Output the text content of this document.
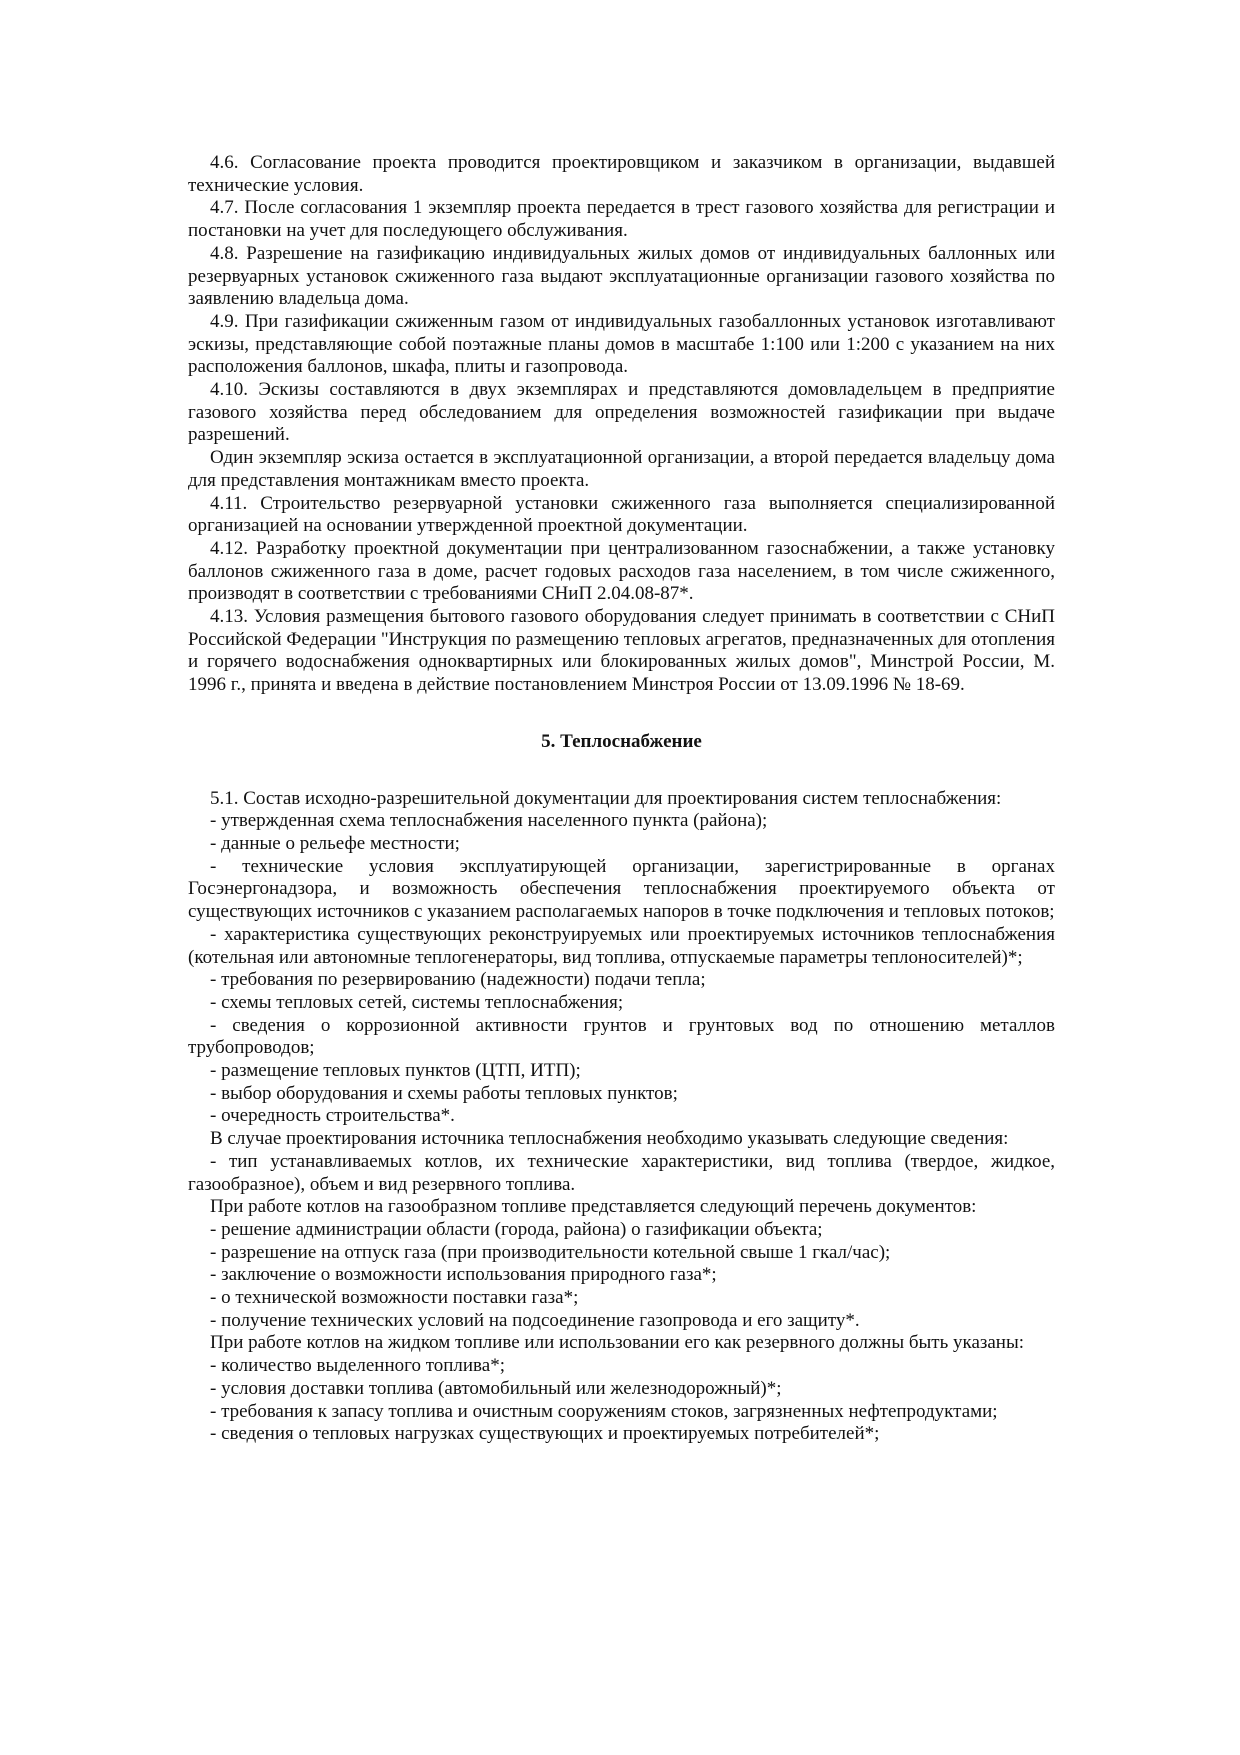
4.6. Согласование проекта проводится проектировщиком и заказчиком в организации, выдавшей технические условия.

4.7. После согласования 1 экземпляр проекта передается в трест газового хозяйства для регистрации и постановки на учет для последующего обслуживания.

4.8. Разрешение на газификацию индивидуальных жилых домов от индивидуальных баллонных или резервуарных установок сжиженного газа выдают эксплуатационные организации газового хозяйства по заявлению владельца дома.

4.9. При газификации сжиженным газом от индивидуальных газобаллонных установок изготавливают эскизы, представляющие собой поэтажные планы домов в масштабе 1:100 или 1:200 с указанием на них расположения баллонов, шкафа, плиты и газопровода.

4.10. Эскизы составляются в двух экземплярах и представляются домовладельцем в предприятие газового хозяйства перед обследованием для определения возможностей газификации при выдаче разрешений.

Один экземпляр эскиза остается в эксплуатационной организации, а второй передается владельцу дома для представления монтажникам вместо проекта.

4.11. Строительство резервуарной установки сжиженного газа выполняется специализированной организацией на основании утвержденной проектной документации.

4.12. Разработку проектной документации при централизованном газоснабжении, а также установку баллонов сжиженного газа в доме, расчет годовых расходов газа населением, в том числе сжиженного, производят в соответствии с требованиями СНиП 2.04.08-87*.

4.13. Условия размещения бытового газового оборудования следует принимать в соответствии с СНиП Российской Федерации "Инструкция по размещению тепловых агрегатов, предназначенных для отопления и горячего водоснабжения одноквартирных или блокированных жилых домов", Минстрой России, М. 1996 г., принята и введена в действие постановлением Минстроя России от 13.09.1996 № 18-69.

5. Теплоснабжение

5.1. Состав исходно-разрешительной документации для проектирования систем теплоснабжения:

- утвержденная схема теплоснабжения населенного пункта (района);

- данные о рельефе местности;

- технические условия эксплуатирующей организации, зарегистрированные в органах Госэнергонадзора, и возможность обеспечения теплоснабжения проектируемого объекта от существующих источников с указанием располагаемых напоров в точке подключения и тепловых потоков;

- характеристика существующих реконструируемых или проектируемых источников теплоснабжения (котельная или автономные теплогенераторы, вид топлива, отпускаемые параметры теплоносителей)*;

- требования по резервированию (надежности) подачи тепла;

- схемы тепловых сетей, системы теплоснабжения;

- сведения о коррозионной активности грунтов и грунтовых вод по отношению металлов трубопроводов;

- размещение тепловых пунктов (ЦТП, ИТП);

- выбор оборудования и схемы работы тепловых пунктов;

- очередность строительства*.

В случае проектирования источника теплоснабжения необходимо указывать следующие сведения:

- тип устанавливаемых котлов, их технические характеристики, вид топлива (твердое, жидкое, газообразное), объем и вид резервного топлива.

При работе котлов на газообразном топливе представляется следующий перечень документов:

- решение администрации области (города, района) о газификации объекта;

- разрешение на отпуск газа (при производительности котельной свыше 1 гкал/час);

- заключение о возможности использования природного газа*;

- о технической возможности поставки газа*;

- получение технических условий на подсоединение газопровода и его защиту*.

При работе котлов на жидком топливе или использовании его как резервного должны быть указаны:

- количество выделенного топлива*;

- условия доставки топлива (автомобильный или железнодорожный)*;

- требования к запасу топлива и очистным сооружениям стоков, загрязненных нефтепродуктами;

- сведения о тепловых нагрузках существующих и проектируемых потребителей*;
